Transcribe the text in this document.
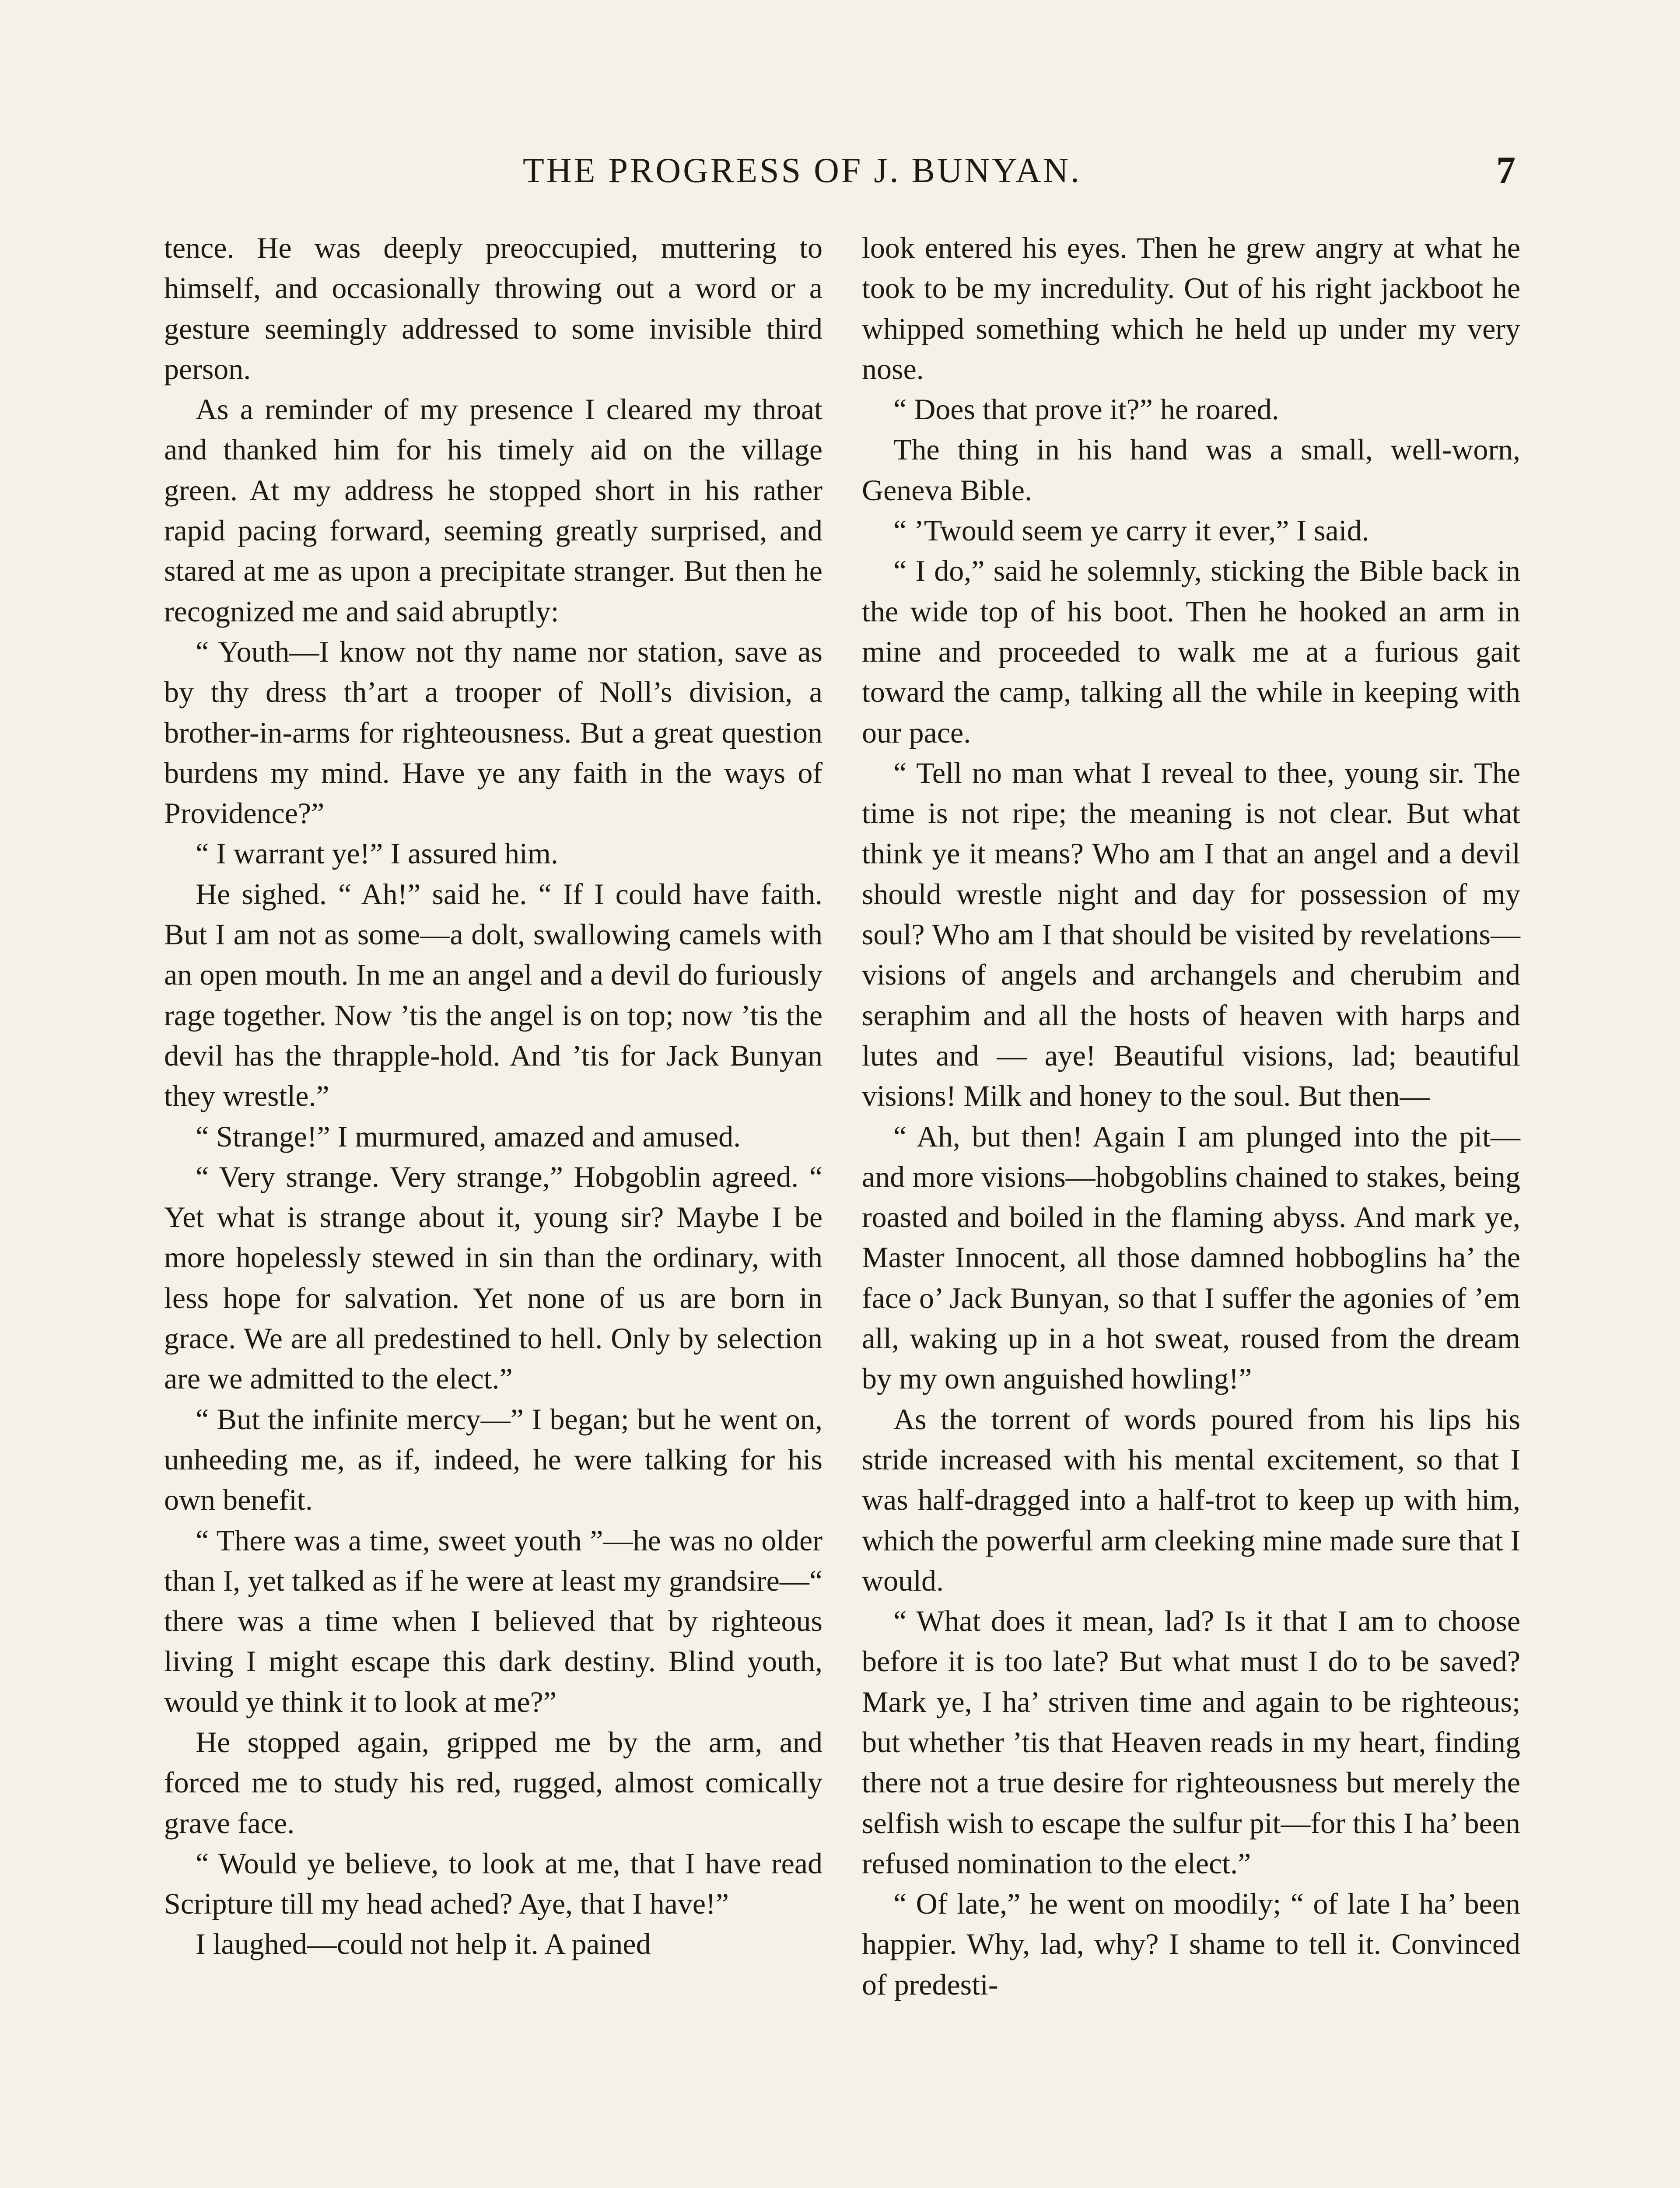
THE PROGRESS OF J. BUNYAN.	7

tence. He was deeply preoccupied, muttering to himself, and occasionally throwing out a word or a gesture seemingly addressed to some invisible third person.

As a reminder of my presence I cleared my throat and thanked him for his timely aid on the village green. At my address he stopped short in his rather rapid pacing forward, seeming greatly surprised, and stared at me as upon a precipitate stranger. But then he recognized me and said abruptly:

“ Youth—I know not thy name nor station, save as by thy dress th’art a trooper of Noll’s division, a brother-in-arms for righteousness. But a great question burdens my mind. Have ye any faith in the ways of Providence?”

“ I warrant ye!” I assured him.

He sighed. “ Ah!” said he. “ If I could have faith. But I am not as some—a dolt, swallowing camels with an open mouth. In me an angel and a devil do furiously rage together. Now ’tis the angel is on top; now ’tis the devil has the thrapple-hold. And ’tis for Jack Bunyan they wrestle.”

“ Strange!” I murmured, amazed and amused.

“ Very strange. Very strange,” Hobgoblin agreed. “ Yet what is strange about it, young sir? Maybe I be more hopelessly stewed in sin than the ordinary, with less hope for salvation. Yet none of us are born in grace. We are all predestined to hell. Only by selection are we admitted to the elect.”

“ But the infinite mercy—” I began; but he went on, unheeding me, as if, indeed, he were talking for his own benefit.

“ There was a time, sweet youth ”—he was no older than I, yet talked as if he were at least my grandsire—“ there was a time when I believed that by righteous living I might escape this dark destiny. Blind youth, would ye think it to look at me?”

He stopped again, gripped me by the arm, and forced me to study his red, rugged, almost comically grave face.

“ Would ye believe, to look at me, that I have read Scripture till my head ached? Aye, that I have!”

I laughed—could not help it. A pained

look entered his eyes. Then he grew angry at what he took to be my incredulity. Out of his right jackboot he whipped something which he held up under my very nose.

“ Does that prove it?” he roared.

The thing in his hand was a small, well-worn, Geneva Bible.

“ ’Twould seem ye carry it ever,” I said.

“ I do,” said he solemnly, sticking the Bible back in the wide top of his boot. Then he hooked an arm in mine and proceeded to walk me at a furious gait toward the camp, talking all the while in keeping with our pace.

“ Tell no man what I reveal to thee, young sir. The time is not ripe; the meaning is not clear. But what think ye it means? Who am I that an angel and a devil should wrestle night and day for possession of my soul? Who am I that should be visited by revelations—visions of angels and archangels and cherubim and seraphim and all the hosts of heaven with harps and lutes and — aye! Beautiful visions, lad; beautiful visions! Milk and honey to the soul. But then—

“ Ah, but then! Again I am plunged into the pit—and more visions—hobgoblins chained to stakes, being roasted and boiled in the flaming abyss. And mark ye, Master Innocent, all those damned hobboglins ha’ the face o’ Jack Bunyan, so that I suffer the agonies of ’em all, waking up in a hot sweat, roused from the dream by my own anguished howling!”

As the torrent of words poured from his lips his stride increased with his mental excitement, so that I was half-dragged into a half-trot to keep up with him, which the powerful arm cleeking mine made sure that I would.

“ What does it mean, lad? Is it that I am to choose before it is too late? But what must I do to be saved? Mark ye, I ha’ striven time and again to be righteous; but whether ’tis that Heaven reads in my heart, finding there not a true desire for righteousness but merely the selfish wish to escape the sulfur pit—for this I ha’ been refused nomination to the elect.”

“ Of late,” he went on moodily; “ of late I ha’ been happier. Why, lad, why? I shame to tell it. Convinced of predesti-
